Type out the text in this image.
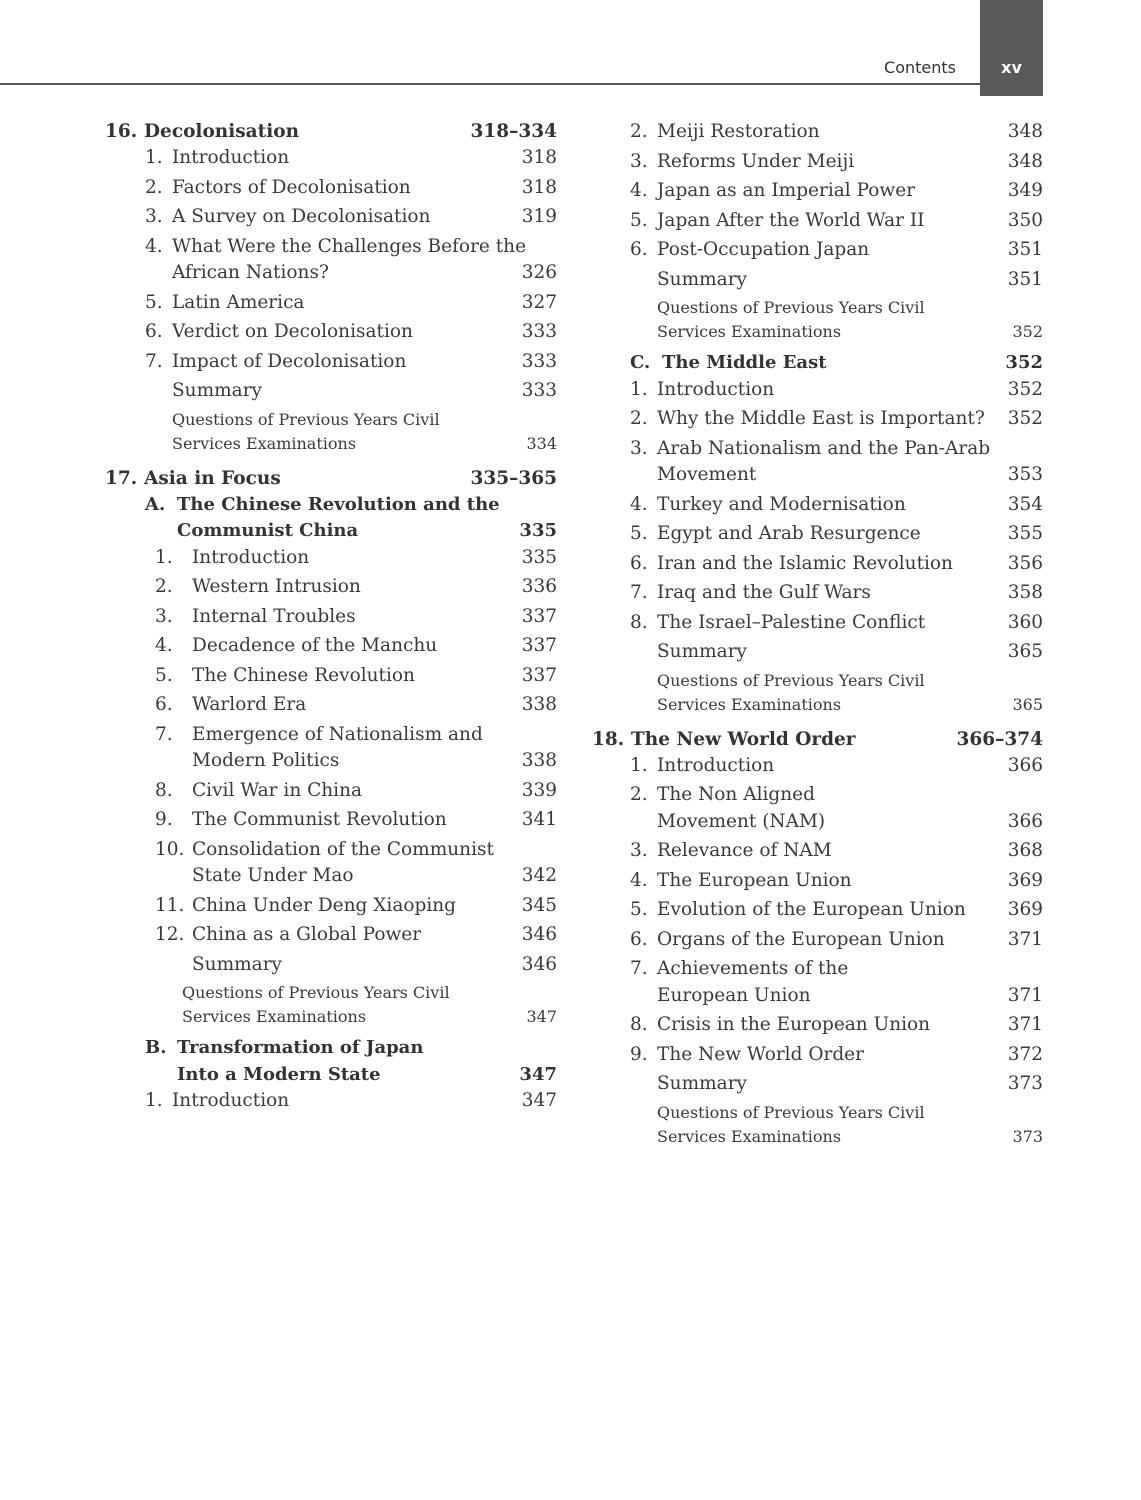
Contents	xv
16. Decolonisation	318–334
1. Introduction	318
2. Factors of Decolonisation	318
3. A Survey on Decolonisation	319
4. What Were the Challenges Before the
African Nations?	326
5. Latin America	327
6. Verdict on Decolonisation	333
7. Impact of Decolonisation	333
Summary	333
Questions of Previous Years Civil
Services Examinations	334
17. Asia in Focus	335–365
A. The Chinese Revolution and the
Communist China	335
1.	Introduction	335
2.	Western Intrusion	336
3.	Internal Troubles	337
4.	Decadence of the Manchu	337
5.	The Chinese Revolution	337
6.	Warlord Era	338
7.	Emergence of Nationalism and
Modern Politics	338
8.	Civil War in China	339
9.	The Communist Revolution	341
10. Consolidation of the Communist
State Under Mao	342
11. China Under Deng Xiaoping	345
12. China as a Global Power	346
Summary	346
Questions of Previous Years Civil
Services Examinations	347
B. Transformation of Japan
Into a Modern State	347
1. Introduction	347
2. Meiji Restoration	348
3. Reforms Under Meiji	348
4. Japan as an Imperial Power	349
5. Japan After the World War II	350
6. Post-Occupation Japan	351
Summary	351
Questions of Previous Years Civil
Services Examinations	352
C. The Middle East	352
1. Introduction	352
2. Why the Middle East is Important? 352
3. Arab Nationalism and the Pan-Arab
Movement	353
4. Turkey and Modernisation	354
5. Egypt and Arab Resurgence	355
6. Iran and the Islamic Revolution	356
7. Iraq and the Gulf Wars	358
8. The Israel–Palestine Conflict	360
Summary	365
Questions of Previous Years Civil
Services Examinations	365
18. The New World Order	366–374
1. Introduction	366
2. The Non Aligned
Movement (NAM)	366
3. Relevance of NAM	368
4. The European Union	369
5. Evolution of the European Union 369
6. Organs of the European Union	371
7. Achievements of the
European Union	371
8. Crisis in the European Union	371
9. The New World Order	372
Summary	373
Questions of Previous Years Civil
Services Examinations	373
